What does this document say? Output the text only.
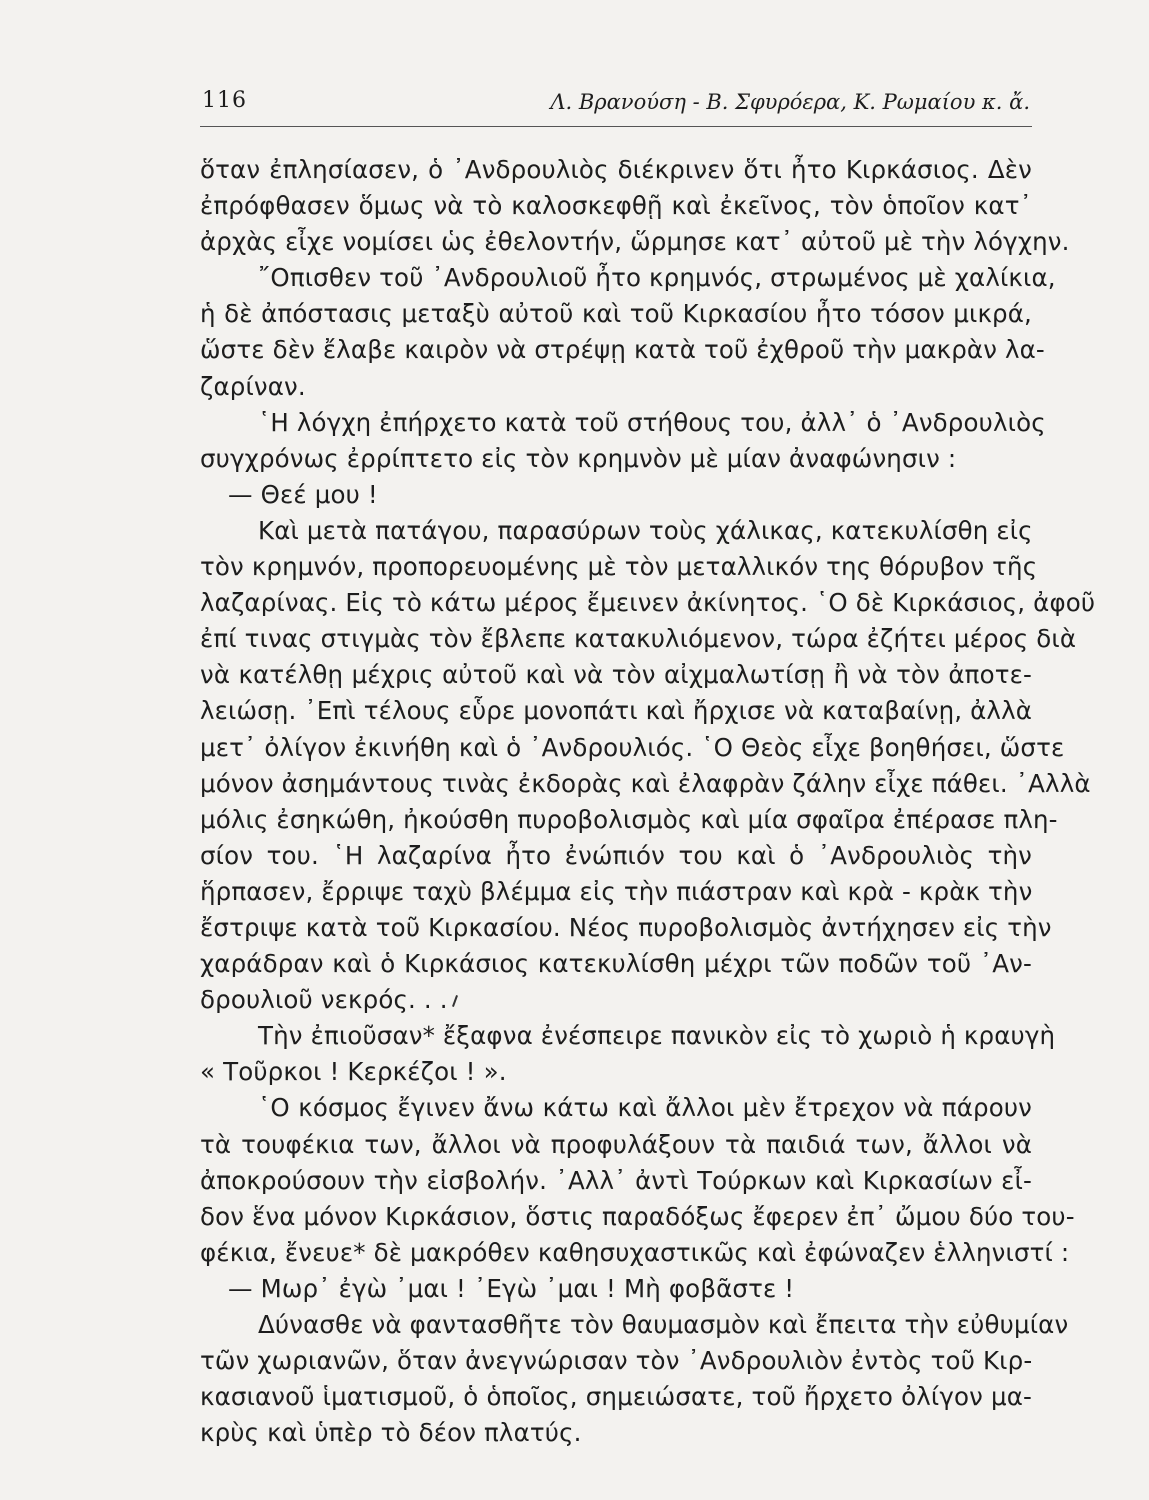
116	Λ. Βρανούση - Β. Σφυρόερα, Κ. Ρωμαίου κ. ἄ.
ὅταν ἐπλησίασεν, ὁ ᾿Ανδρουλιὸς διέκρινεν ὅτι ἦτο Κιρκάσιος. Δὲν
ἐπρόφθασεν ὅμως νὰ τὸ καλοσκεφθῇ καὶ ἐκεῖνος, τὸν ὁποῖον κατ᾿
ἀρχὰς εἶχε νομίσει ὡς ἐθελοντήν, ὥρμησε κατ᾿ αὐτοῦ μὲ τὴν λόγχην.
῎Οπισθεν τοῦ ᾿Ανδρουλιοῦ ἦτο κρημνός, στρωμένος μὲ χαλίκια,
ἡ δὲ ἀπόστασις μεταξὺ αὐτοῦ καὶ τοῦ Κιρκασίου ἦτο τόσον μικρά,
ὥστε δὲν ἔλαβε καιρὸν νὰ στρέψῃ κατὰ τοῦ ἐχθροῦ τὴν μακρὰν λα-
ζαρίναν.
῾Η λόγχη ἐπήρχετο κατὰ τοῦ στήθους του, ἀλλ᾿ ὁ ᾿Ανδρουλιὸς
συγχρόνως ἐρρίπτετο εἰς τὸν κρημνὸν μὲ μίαν ἀναφώνησιν :
— Θεέ μου !
Καὶ μετὰ πατάγου, παρασύρων τοὺς χάλικας, κατεκυλίσθη εἰς
τὸν κρημνόν, προπορευομένης μὲ τὸν μεταλλικόν της θόρυβον τῆς
λαζαρίνας. Εἰς τὸ κάτω μέρος ἔμεινεν ἀκίνητος. ῾Ο δὲ Κιρκάσιος, ἀφοῦ
ἐπί τινας στιγμὰς τὸν ἔβλεπε κατακυλιόμενον, τώρα ἐζήτει μέρος διὰ
νὰ κατέλθῃ μέχρις αὐτοῦ καὶ νὰ τὸν αἰχμαλωτίσῃ ἢ νὰ τὸν ἀποτε-
λειώσῃ. ᾿Επὶ τέλους εὗρε μονοπάτι καὶ ἤρχισε νὰ καταβαίνῃ, ἀλλὰ
μετ᾿ ὀλίγον ἐκινήθη καὶ ὁ ᾿Ανδρουλιός. ῾Ο Θεὸς εἶχε βοηθήσει, ὥστε
μόνον ἀσημάντους τινὰς ἐκδορὰς καὶ ἐλαφρὰν ζάλην εἶχε πάθει. ᾿Αλλὰ
μόλις ἐσηκώθη, ἠκούσθη πυροβολισμὸς καὶ μία σφαῖρα ἐπέρασε πλη-
σίον του. ῾Η λαζαρίνα ἦτο ἐνώπιόν του καὶ ὁ ᾿Ανδρουλιὸς τὴν
ἥρπασεν, ἔρριψε ταχὺ βλέμμα εἰς τὴν πιάστραν καὶ κρὰ - κρὰκ τὴν
ἔστριψε κατὰ τοῦ Κιρκασίου. Νέος πυροβολισμὸς ἀντήχησεν εἰς τὴν
χαράδραν καὶ ὁ Κιρκάσιος κατεκυλίσθη μέχρι τῶν ποδῶν τοῦ ᾿Αν-
δρουλιοῦ νεκρός. . .
Τὴν ἐπιοῦσαν* ἔξαφνα ἐνέσπειρε πανικὸν εἰς τὸ χωριὸ ἡ κραυγὴ
« Τοῦρκοι ! Κερκέζοι ! ».
῾Ο κόσμος ἔγινεν ἄνω κάτω καὶ ἄλλοι μὲν ἔτρεχον νὰ πάρουν
τὰ τουφέκια των, ἄλλοι νὰ προφυλάξουν τὰ παιδιά των, ἄλλοι νὰ
ἀποκρούσουν τὴν εἰσβολήν. ᾿Αλλ᾿ ἀντὶ Τούρκων καὶ Κιρκασίων εἶ-
δον ἕνα μόνον Κιρκάσιον, ὅστις παραδόξως ἔφερεν ἐπ᾿ ὤμου δύο του-
φέκια, ἔνευε* δὲ μακρόθεν καθησυχαστικῶς καὶ ἐφώναζεν ἑλληνιστί :
— Μωρ᾿ ἐγὼ ᾿μαι ! ᾿Εγὼ ᾿μαι ! Μὴ φοβᾶστε !
Δύνασθε νὰ φαντασθῆτε τὸν θαυμασμὸν καὶ ἔπειτα τὴν εὐθυμίαν
τῶν χωριανῶν, ὅταν ἀνεγνώρισαν τὸν ᾿Ανδρουλιὸν ἐντὸς τοῦ Κιρ-
κασιανοῦ ἱματισμοῦ, ὁ ὁποῖος, σημειώσατε, τοῦ ἤρχετο ὀλίγον μα-
κρὺς καὶ ὑπὲρ τὸ δέον πλατύς.
